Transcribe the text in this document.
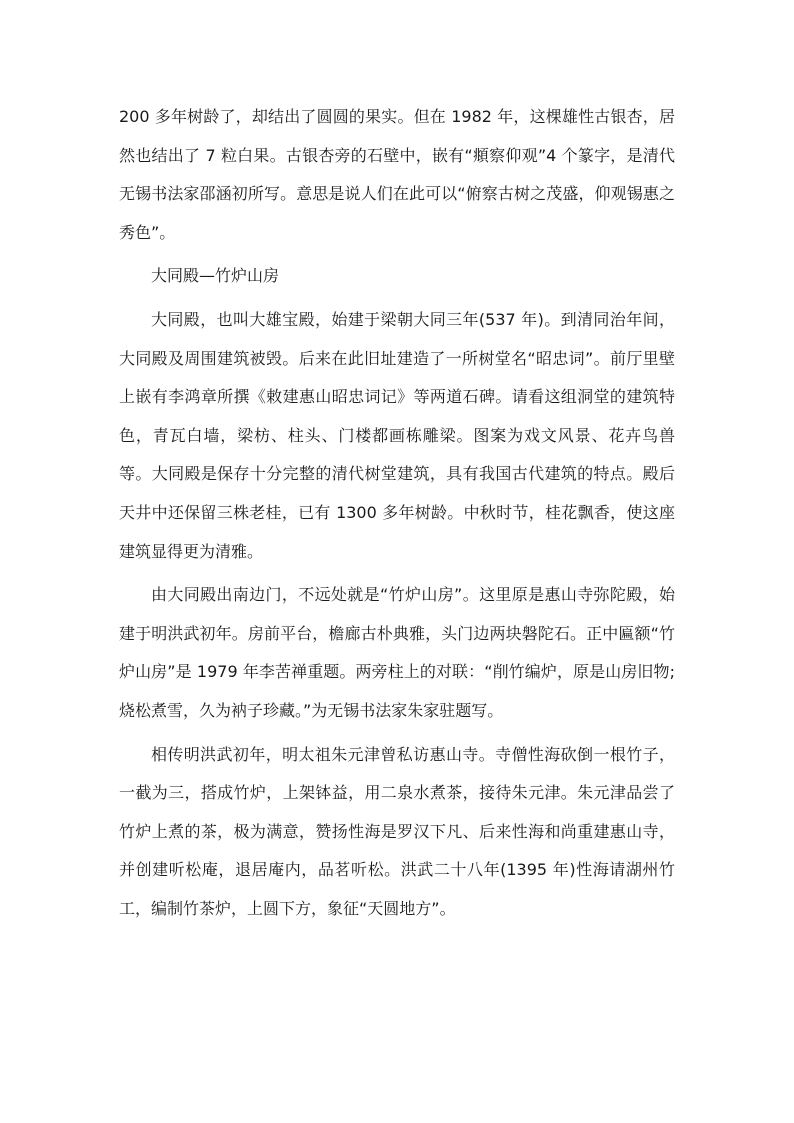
200 多年树龄了，却结出了圆圆的果实。但在 1982 年，这棵雄性古银杏，居然也结出了 7 粒白果。古银杏旁的石壁中，嵌有“頫察仰观”4 个篆字，是清代无锡书法家邵涵初所写。意思是说人们在此可以“俯察古树之茂盛，仰观锡惠之秀色”。

大同殿—竹炉山房

大同殿，也叫大雄宝殿，始建于梁朝大同三年(537 年)。到清同治年间，大同殿及周围建筑被毁。后来在此旧址建造了一所树堂名“昭忠词”。前厅里壁上嵌有李鸿章所撰《敕建惠山昭忠词记》等两道石碑。请看这组洞堂的建筑特色，青瓦白墙，梁枋、柱头、门楼都画栋雕梁。图案为戏文风景、花卉鸟兽等。大同殿是保存十分完整的清代树堂建筑，具有我国古代建筑的特点。殿后天井中还保留三株老桂，已有 1300 多年树龄。中秋时节，桂花飘香，使这座建筑显得更为清雅。

由大同殿出南边门，不远处就是“竹炉山房”。这里原是惠山寺弥陀殿，始建于明洪武初年。房前平台，檐廊古朴典雅，头门边两块磐陀石。正中匾额“竹炉山房”是 1979 年李苦禅重题。两旁柱上的对联：“削竹编炉，原是山房旧物;烧松煮雪，久为衲子珍藏。”为无锡书法家朱家驻题写。

相传明洪武初年，明太祖朱元津曾私访惠山寺。寺僧性海砍倒一根竹子，一截为三，搭成竹炉，上架钵益，用二泉水煮茶，接待朱元津。朱元津品尝了竹炉上煮的茶，极为满意，赞扬性海是罗汉下凡、后来性海和尚重建惠山寺，并创建听松庵，退居庵内，品茗听松。洪武二十八年(1395 年)性海请湖州竹工，编制竹茶炉，上圆下方，象征“天圆地方”。
